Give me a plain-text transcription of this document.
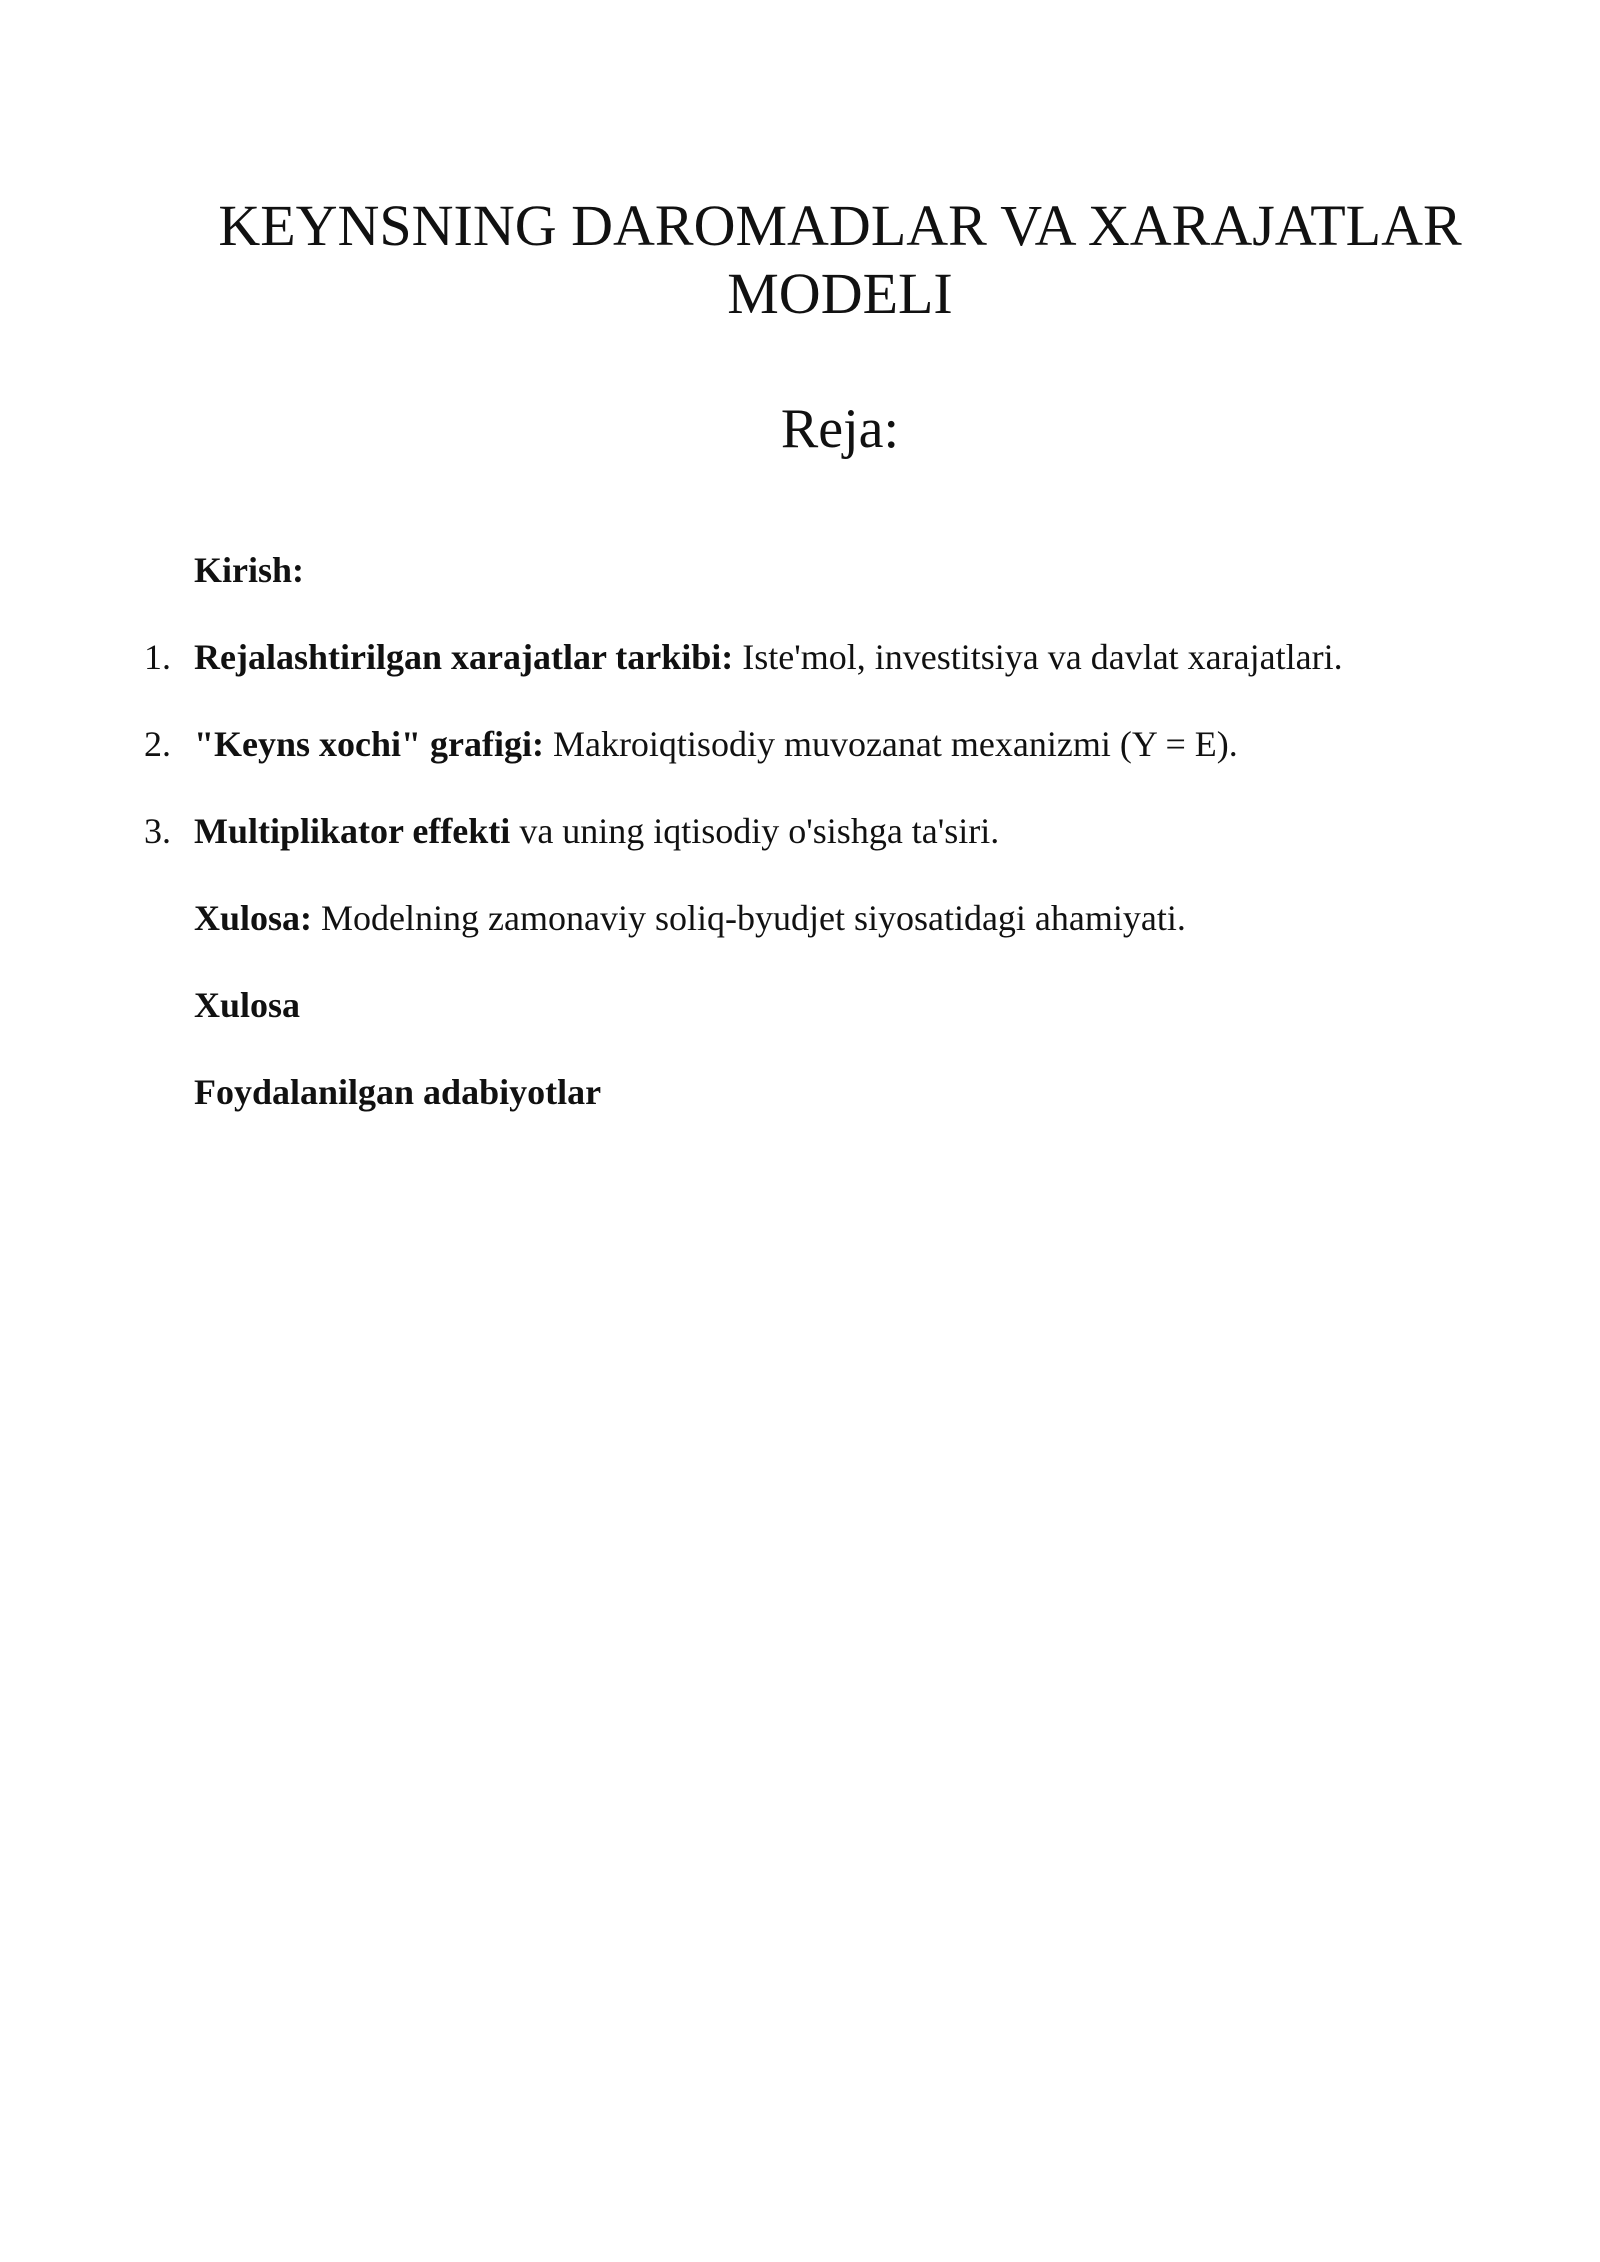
KEYNSNING DAROMADLAR VA XARAJATLAR
MODELI
Reja:
Kirish:
1. Rejalashtirilgan xarajatlar tarkibi: Iste'mol, investitsiya va davlat xarajatlari.
2. "Keyns xochi" grafigi: Makroiqtisodiy muvozanat mexanizmi (Y = E).
3. Multiplikator effekti va uning iqtisodiy o'sishga ta'siri.
Xulosa: Modelning zamonaviy soliq-byudjet siyosatidagi ahamiyati.
Xulosa
Foydalanilgan adabiyotlar
